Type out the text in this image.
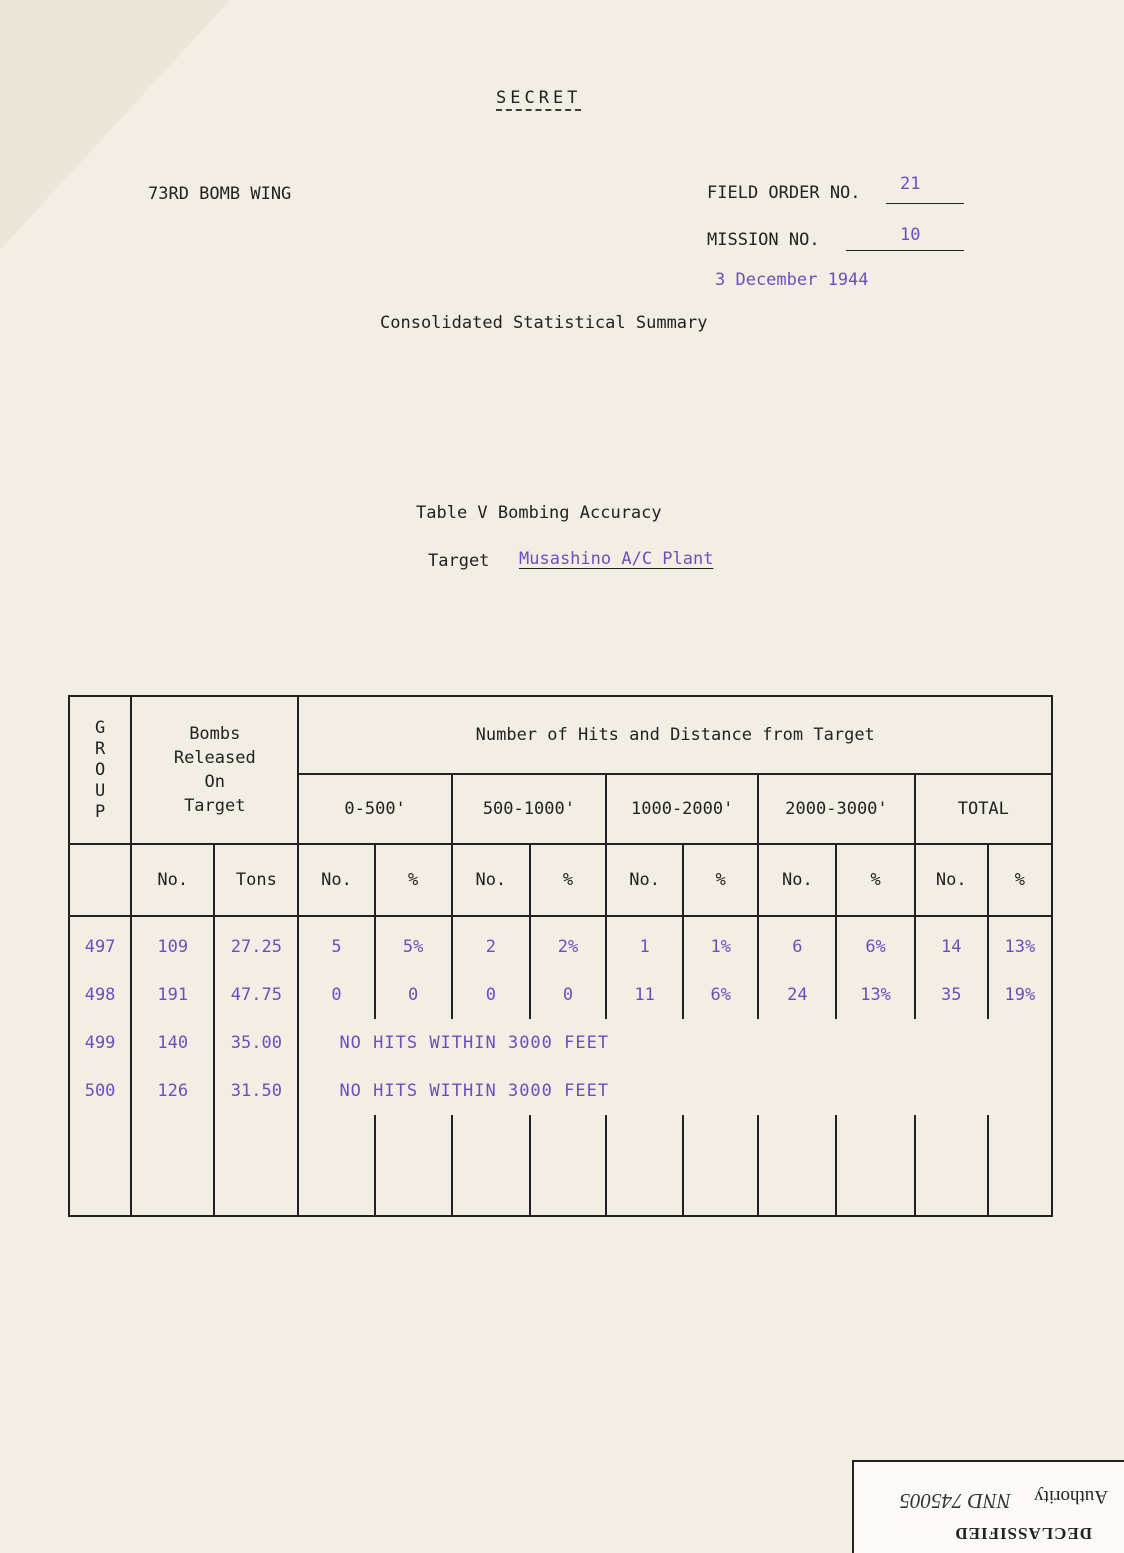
SECRET
73RD BOMB WING	FIELD ORDER NO. 21
MISSION NO.	10
3 December 1944
Consolidated Statistical Summary
Table V Bombing Accuracy
Target Musashino A/C Plant
G
R
O
U
P	Bombs
Released
On
Target		Number of Hits and Distance from Target									
			0-500'		500-1000'		1000-2000'		2000-3000'		TOTAL	
	No.	Tons	No.	%	No.	%	No.	%	No.	%	No.	%
497	109	27.25	5	5%	2	2%	1	1%	6	6%	14	13%
498	191	47.75	0	0	0	0	11	6%	24	13%	35	19%
499	140	35.00	NO HITS WITHIN 3000 FEET									
500	126	31.50	NO HITS WITHIN 3000 FEET									

DECLASSIFIED
Authority
NND 745005
